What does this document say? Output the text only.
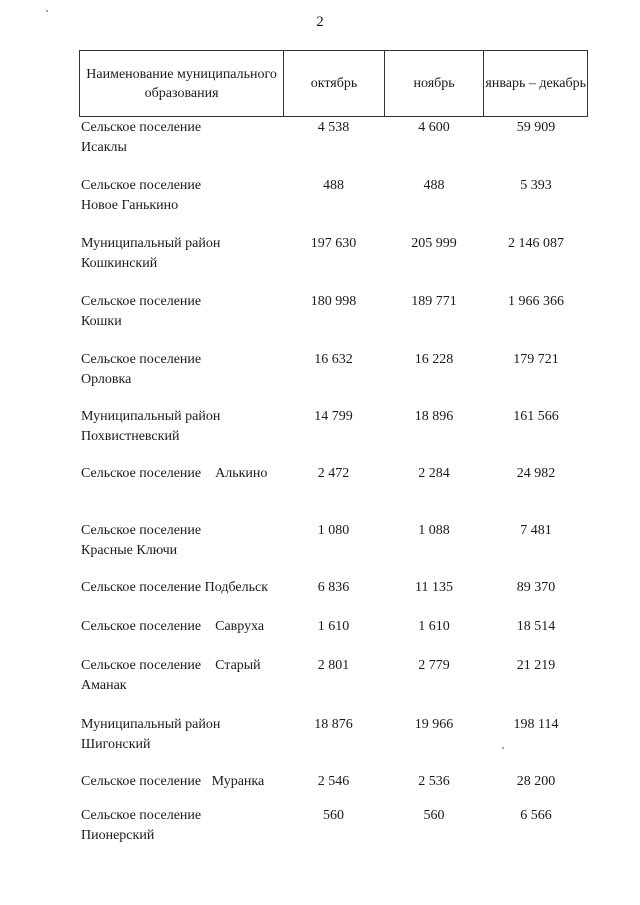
2
Наименование муниципального образования
октябрь	ноябрь	январь – декабрь
Сельское поселение
Исаклы
4 538	4 600	59 909
Сельское поселение
Новое Ганькино
488	488	5 393
Муниципальный район
Кошкинский
197 630	205 999	2 146 087
Сельское поселение
Кошки
180 998	189 771	1 966 366
Сельское поселение
Орловка
16 632	16 228	179 721
Муниципальный район
Похвистневский
14 799	18 896	161 566
Сельское поселение    Алькино	2 472	2 284	24 982
Сельское поселение
Красные Ключи
1 080	1 088	7 481
Сельское поселение Подбельск	6 836	11 135	89 370
Сельское поселение    Савруха	1 610	1 610	18 514
Сельское поселение    Старый
Аманак
2 801	2 779	21 219
Муниципальный район
Шигонский
18 876	19 966	198 114
Сельское поселение   Муранка	2 546	2 536	28 200
Сельское поселение
Пионерский
560	560	6 566
